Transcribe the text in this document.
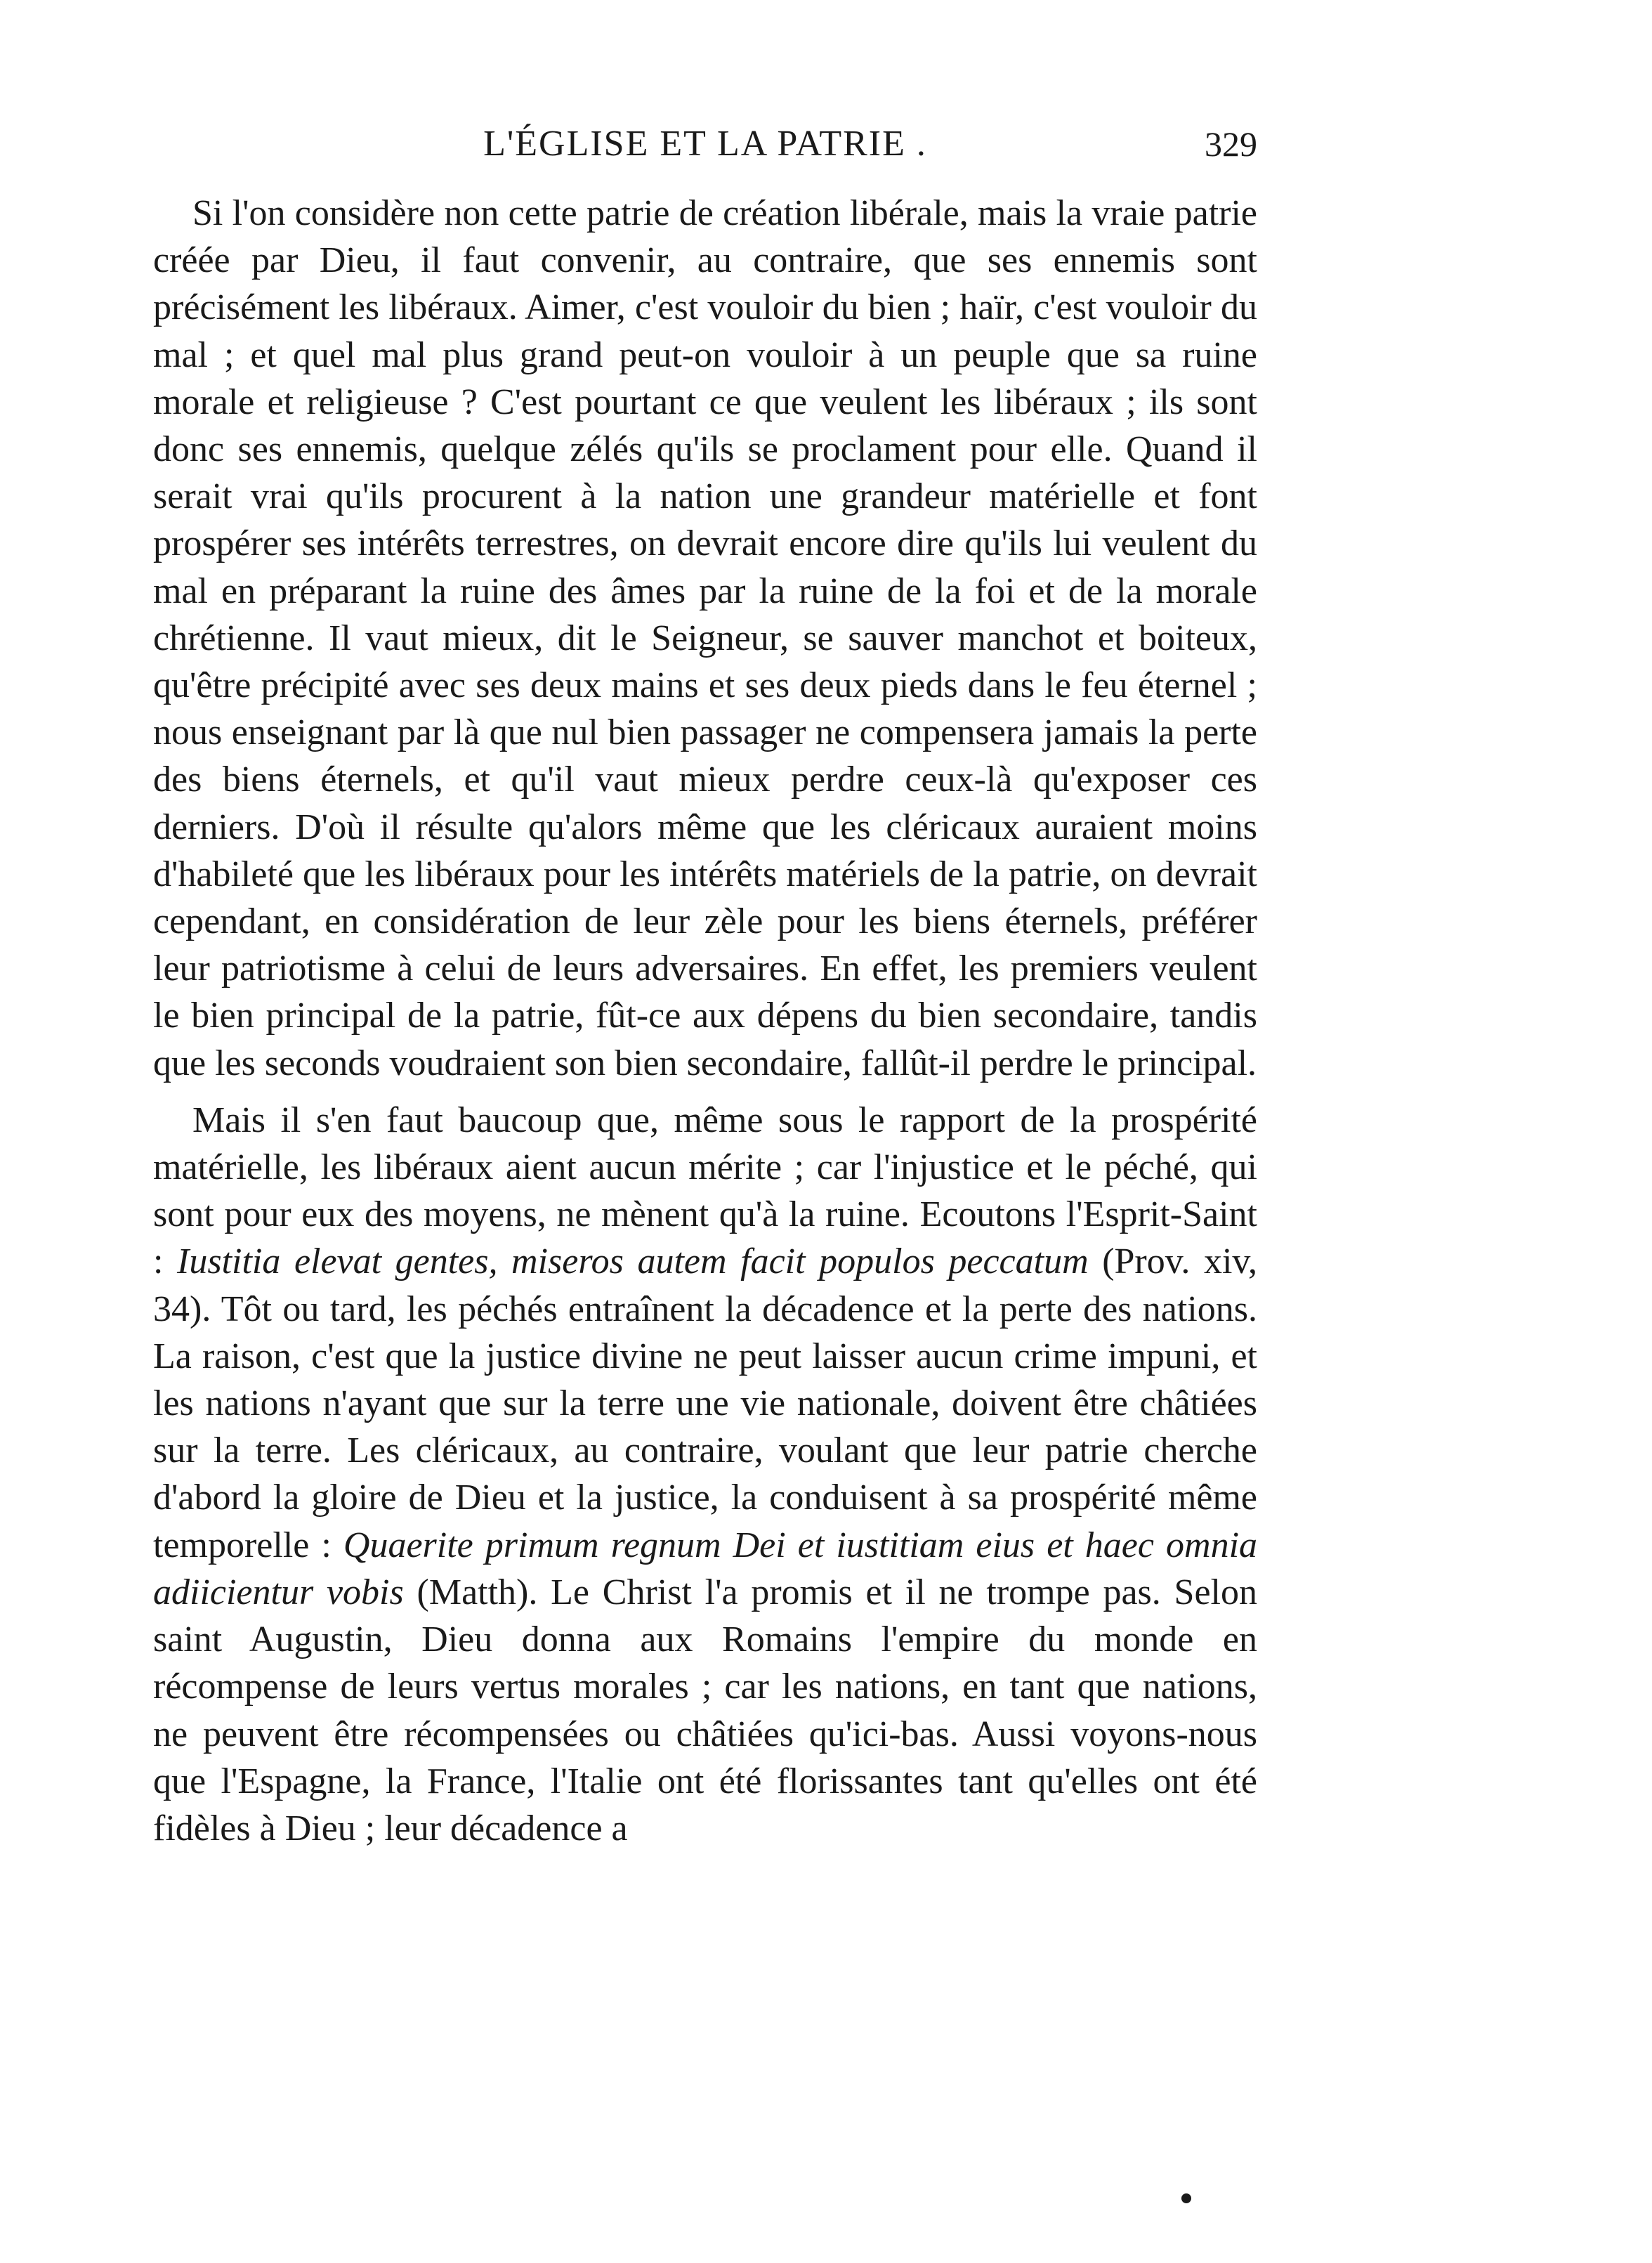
L'ÉGLISE ET LA PATRIE .	329

Si l'on considère non cette patrie de création libérale, mais la vraie patrie créée par Dieu, il faut convenir, au contraire, que ses ennemis sont précisément les libéraux. Aimer, c'est vouloir du bien ; haïr, c'est vouloir du mal ; et quel mal plus grand peut-on vouloir à un peuple que sa ruine morale et religieuse ? C'est pourtant ce que veulent les libéraux ; ils sont donc ses ennemis, quelque zélés qu'ils se proclament pour elle. Quand il serait vrai qu'ils procurent à la nation une grandeur matérielle et font prospérer ses intérêts terrestres, on devrait encore dire qu'ils lui veulent du mal en préparant la ruine des âmes par la ruine de la foi et de la morale chrétienne. Il vaut mieux, dit le Seigneur, se sauver manchot et boiteux, qu'être précipité avec ses deux mains et ses deux pieds dans le feu éternel ; nous enseignant par là que nul bien passager ne compensera jamais la perte des biens éternels, et qu'il vaut mieux perdre ceux-là qu'exposer ces derniers. D'où il résulte qu'alors même que les cléricaux auraient moins d'habileté que les libéraux pour les intérêts matériels de la patrie, on devrait cependant, en considération de leur zèle pour les biens éternels, préférer leur patriotisme à celui de leurs adversaires. En effet, les premiers veulent le bien principal de la patrie, fût-ce aux dépens du bien secondaire, tandis que les seconds voudraient son bien secondaire, fallût-il perdre le principal.

Mais il s'en faut baucoup que, même sous le rapport de la prospérité matérielle, les libéraux aient aucun mérite ; car l'injustice et le péché, qui sont pour eux des moyens, ne mènent qu'à la ruine. Ecoutons l'Esprit-Saint : Iustitia elevat gentes, miseros autem facit populos peccatum (Prov. xiv, 34). Tôt ou tard, les péchés entraînent la décadence et la perte des nations. La raison, c'est que la justice divine ne peut laisser aucun crime impuni, et les nations n'ayant que sur la terre une vie nationale, doivent être châtiées sur la terre. Les cléricaux, au contraire, voulant que leur patrie cherche d'abord la gloire de Dieu et la justice, la conduisent à sa prospérité même temporelle : Quaerite primum regnum Dei et iustitiam eius et haec omnia adiicientur vobis (Matth). Le Christ l'a promis et il ne trompe pas. Selon saint Augustin, Dieu donna aux Romains l'empire du monde en récompense de leurs vertus morales ; car les nations, en tant que nations, ne peuvent être récompensées ou châtiées qu'ici-bas. Aussi voyons-nous que l'Espagne, la France, l'Italie ont été florissantes tant qu'elles ont été fidèles à Dieu ; leur décadence a
